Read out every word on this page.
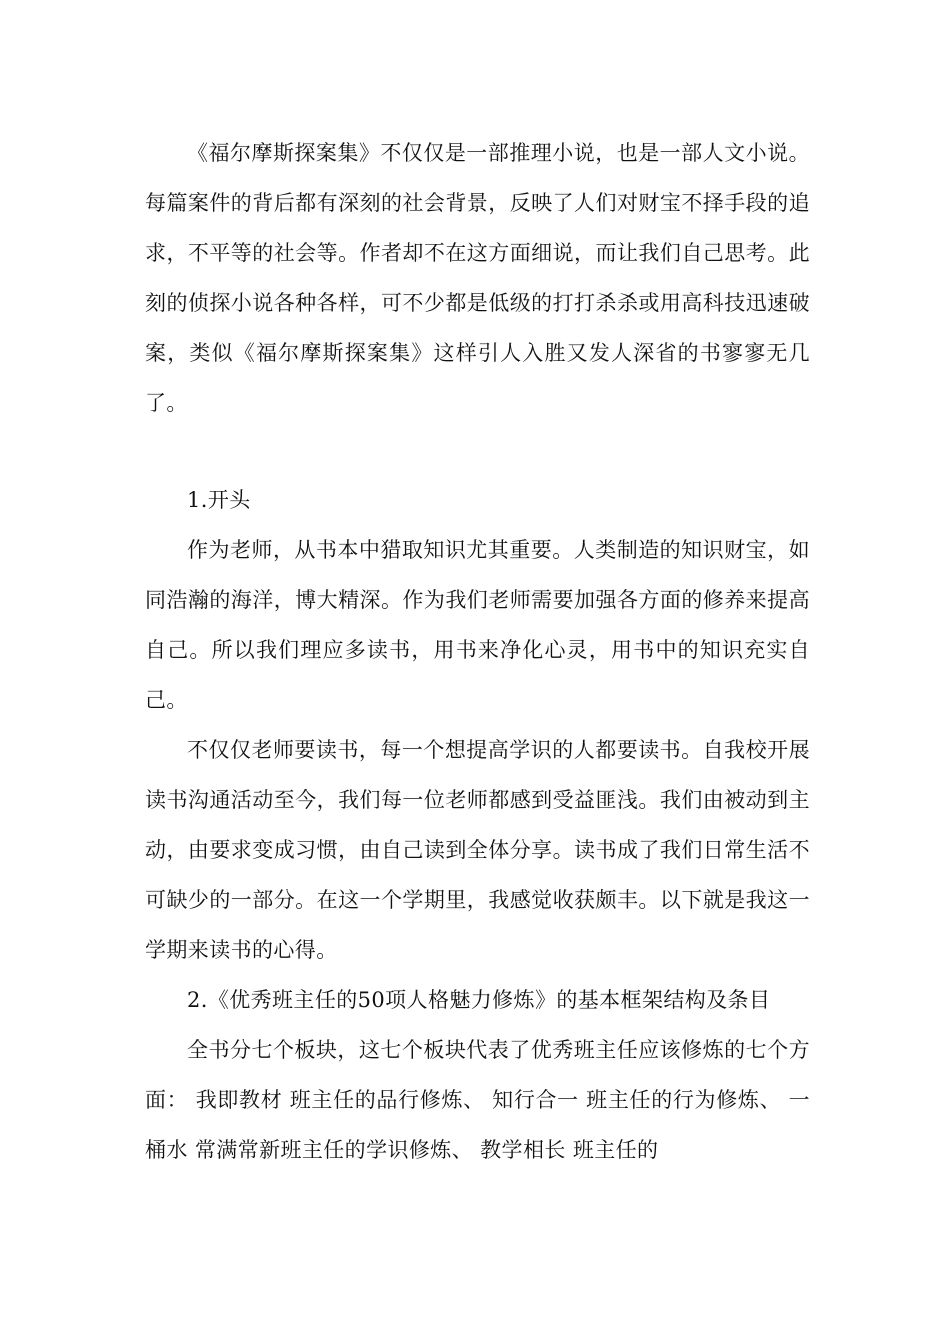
《福尔摩斯探案集》不仅仅是一部推理小说，也是一部人文小说。每篇案件的背后都有深刻的社会背景，反映了人们对财宝不择手段的追求，不平等的社会等。作者却不在这方面细说，而让我们自己思考。此刻的侦探小说各种各样，可不少都是低级的打打杀杀或用高科技迅速破案，类似《福尔摩斯探案集》这样引人入胜又发人深省的书寥寥无几了。

1.开头

作为老师，从书本中猎取知识尤其重要。人类制造的知识财宝，如同浩瀚的海洋，博大精深。作为我们老师需要加强各方面的修养来提高自己。所以我们理应多读书，用书来净化心灵，用书中的知识充实自己。

不仅仅老师要读书，每一个想提高学识的人都要读书。自我校开展读书沟通活动至今，我们每一位老师都感到受益匪浅。我们由被动到主动，由要求变成习惯，由自己读到全体分享。读书成了我们日常生活不可缺少的一部分。在这一个学期里，我感觉收获颇丰。以下就是我这一学期来读书的心得。

2.《优秀班主任的50项人格魅力修炼》的基本框架结构及条目

全书分七个板块，这七个板块代表了优秀班主任应该修炼的七个方面： 我即教材 班主任的品行修炼、 知行合一 班主任的行为修炼、 一桶水 常满常新班主任的学识修炼、 教学相长 班主任的
